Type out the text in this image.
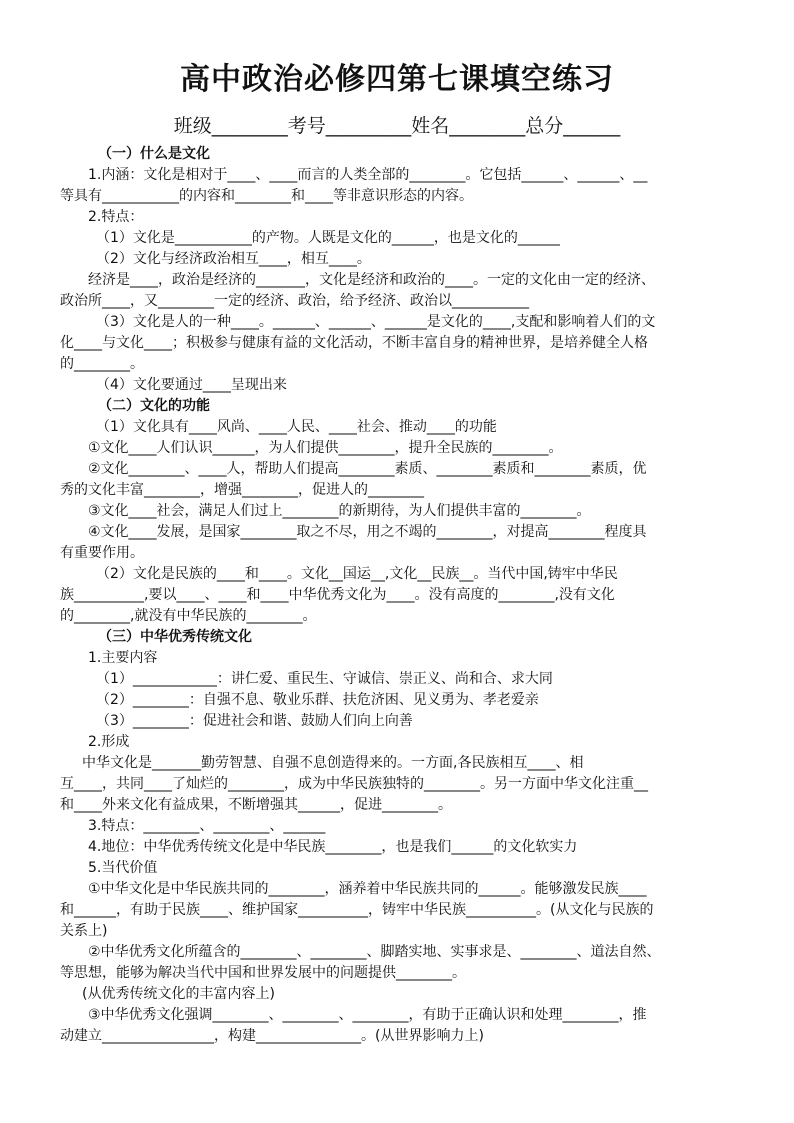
高中政治必修四第七课填空练习
班级________考号_________姓名________总分______
（一）什么是文化
1.内涵：文化是相对于____、____而言的人类全部的________。它包括______、______、__
等具有___________的内容和________和____等非意识形态的内容。
2.特点：
（1）文化是___________的产物。人既是文化的______，也是文化的______
（2）文化与经济政治相互____，相互____。
经济是____，政治是经济的_______，文化是经济和政治的____。一定的文化由一定的经济、
政治所____，又________一定的经济、政治，给予经济、政治以___________
（3）文化是人的一种____。______、______、______是文化的____,支配和影响着人们的文
化____与文化____；积极参与健康有益的文化活动，不断丰富自身的精神世界，是培养健全人格
的________。
（4）文化要通过____呈现出来
（二）文化的功能
（1）文化具有____风尚、____人民、____社会、推动____的功能
①文化____人们认识______，为人们提供________，提升全民族的________。
②文化________、____人，帮助人们提高________素质、________素质和________素质，优
秀的文化丰富________，增强________，促进人的________
③文化____社会，满足人们过上________的新期待，为人们提供丰富的________。
④文化____发展，是国家________取之不尽，用之不竭的________，对提高________程度具
有重要作用。
（2）文化是民族的____和____。文化__国运__,文化__民族__。当代中国,铸牢中华民
族__________,要以____、____和____中华优秀文化为____。没有高度的________,没有文化
的________,就没有中华民族的________。
（三）中华优秀传统文化
1.主要内容
（1）____________：讲仁爱、重民生、守诚信、崇正义、尚和合、求大同
（2）________：自强不息、敬业乐群、扶危济困、见义勇为、孝老爱亲
（3）________：促进社会和谐、鼓励人们向上向善
2.形成
中华文化是_______勤劳智慧、自强不息创造得来的。一方面,各民族相互____、相
互____，共同____了灿烂的________，成为中华民族独特的________。另一方面中华文化注重__
和____外来文化有益成果，不断增强其______，促进________。
3.特点：________、________、______
4.地位：中华优秀传统文化是中华民族________，也是我们______的文化软实力
5.当代价值
①中华文化是中华民族共同的________，涵养着中华民族共同的______。能够激发民族____
和______，有助于民族____、维护国家__________，铸牢中华民族__________。(从文化与民族的
关系上)
②中华优秀文化所蕴含的________、________、脚踏实地、实事求是、________、道法自然、
等思想，能够为解决当代中国和世界发展中的问题提供________。
(从优秀传统文化的丰富内容上)
③中华优秀文化强调________、________、________，有助于正确认识和处理________，推
动建立________________，构建_______________。(从世界影响力上)
